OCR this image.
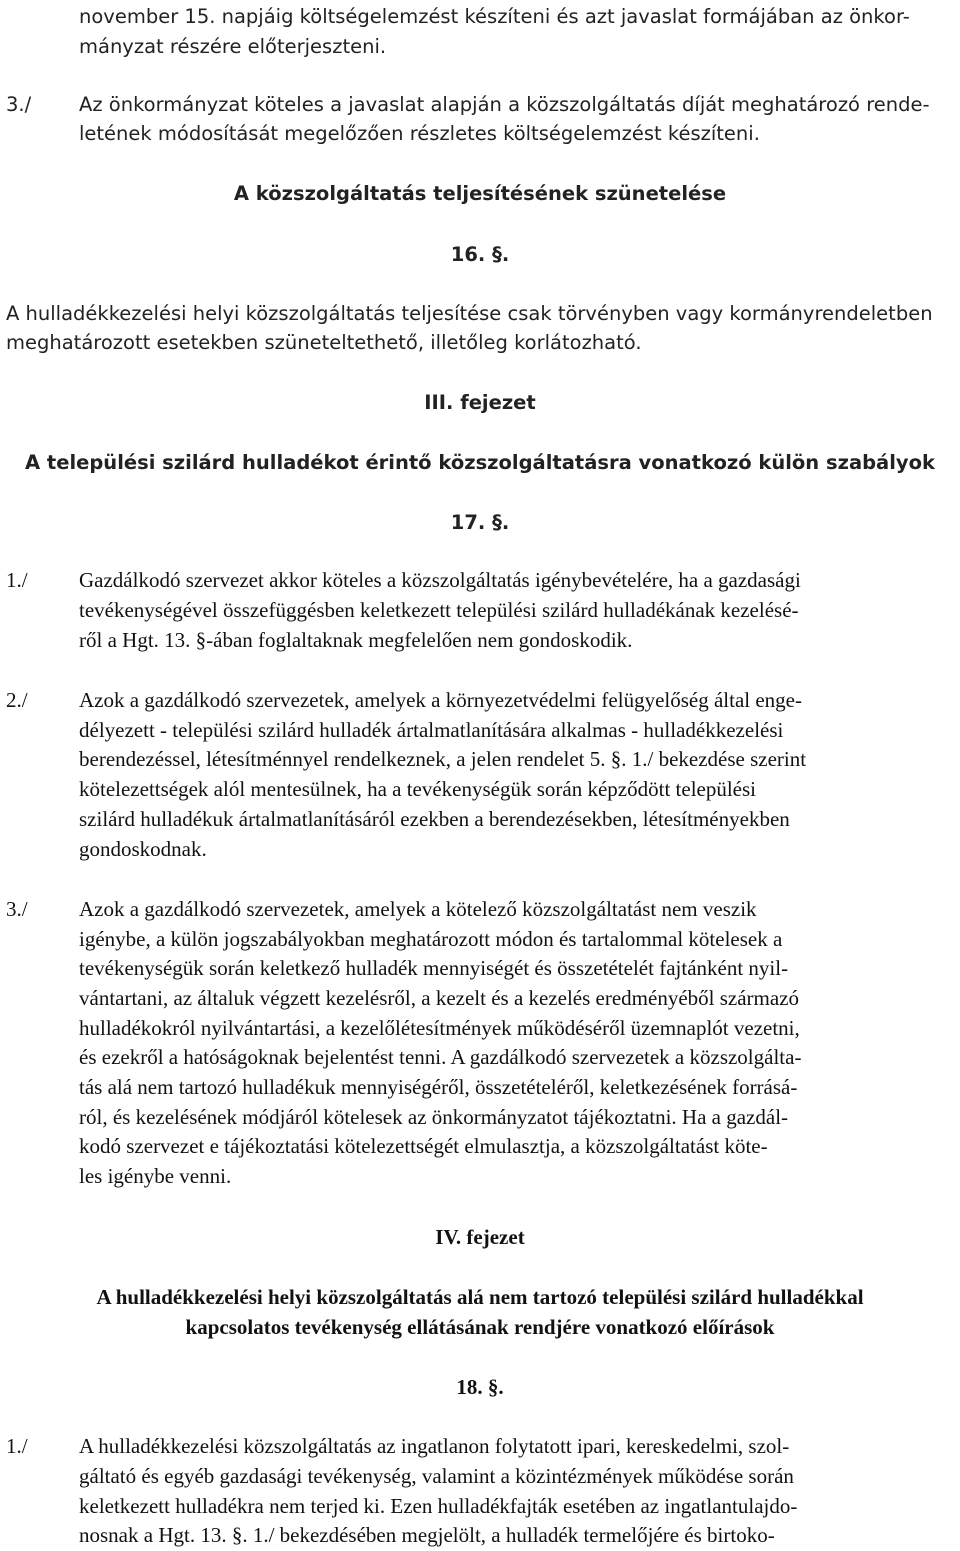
november 15. napjáig költségelemzést készíteni és azt javaslat formájában az önkor-
mányzat részére előterjeszteni.
3./ Az önkormányzat köteles a javaslat alapján a közszolgáltatás díját meghatározó rende-
letének módosítását megelőzően részletes költségelemzést készíteni.
A közszolgáltatás teljesítésének szünetelése
16. §.
A hulladékkezelési helyi közszolgáltatás teljesítése csak törvényben vagy kormányrendeletben
meghatározott esetekben szüneteltethető, illetőleg korlátozható.
III. fejezet
A települési szilárd hulladékot érintő közszolgáltatásra vonatkozó külön szabályok
17. §.
1./ Gazdálkodó szervezet akkor köteles a közszolgáltatás igénybevételére, ha a gazdasági
tevékenységével összefüggésben keletkezett települési szilárd hulladékának kezelésé-
ről a Hgt. 13. §-ában foglaltaknak megfelelően nem gondoskodik.
2./ Azok a gazdálkodó szervezetek, amelyek a környezetvédelmi felügyelőség által enge-
délyezett - települési szilárd hulladék ártalmatlanítására alkalmas - hulladékkezelési
berendezéssel, létesítménnyel rendelkeznek, a jelen rendelet 5. §. 1./ bekezdése szerint
kötelezettségek alól mentesülnek, ha a tevékenységük során képződött települési
szilárd hulladékuk ártalmatlanításáról ezekben a berendezésekben, létesítményekben
gondoskodnak.
3./ Azok a gazdálkodó szervezetek, amelyek a kötelező közszolgáltatást nem veszik
igénybe, a külön jogszabályokban meghatározott módon és tartalommal kötelesek a
tevékenységük során keletkező hulladék mennyiségét és összetételét fajtánként nyil-
vántartani, az általuk végzett kezelésről, a kezelt és a kezelés eredményéből származó
hulladékokról nyilvántartási, a kezelőlétesítmények működéséről üzemnaplót vezetni,
és ezekről a hatóságoknak bejelentést tenni. A gazdálkodó szervezetek a közszolgálta-
tás alá nem tartozó hulladékuk mennyiségéről, összetételéről, keletkezésének forrásá-
ról, és kezelésének módjáról kötelesek az önkormányzatot tájékoztatni. Ha a gazdál-
kodó szervezet e tájékoztatási kötelezettségét elmulasztja, a közszolgáltatást köte-
les igénybe venni.
IV. fejezet
A hulladékkezelési helyi közszolgáltatás alá nem tartozó települési szilárd hulladékkal
kapcsolatos tevékenység ellátásának rendjére vonatkozó előírások
18. §.
1./ A hulladékkezelési közszolgáltatás az ingatlanon folytatott ipari, kereskedelmi, szol-
gáltató és egyéb gazdasági tevékenység, valamint a közintézmények működése során
keletkezett hulladékra nem terjed ki. Ezen hulladékfajták esetében az ingatlantulajdo-
nosnak a Hgt. 13. §. 1./ bekezdésében megjelölt, a hulladék termelőjére és birtoko-
